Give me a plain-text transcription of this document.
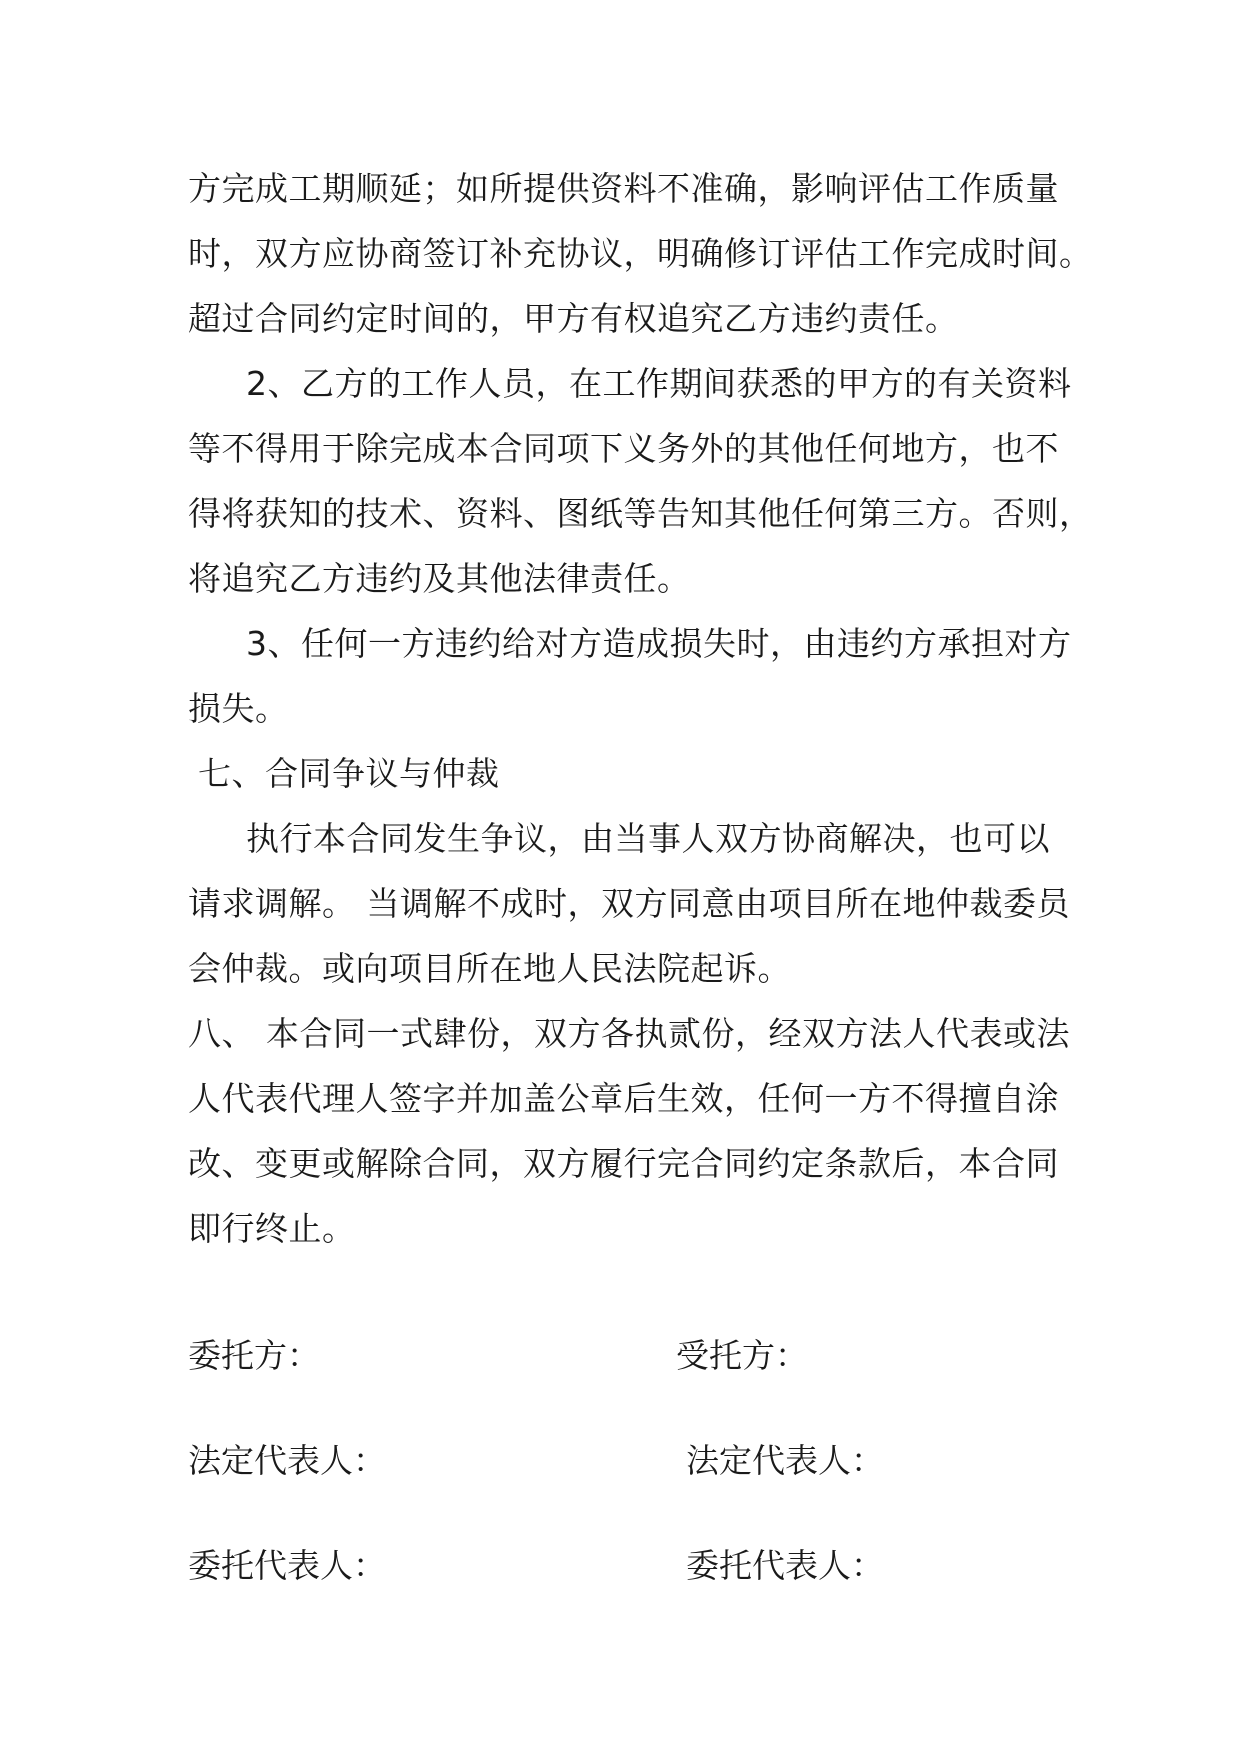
方完成工期顺延；如所提供资料不准确，影响评估工作质量
时，双方应协商签订补充协议，明确修订评估工作完成时间。
超过合同约定时间的，甲方有权追究乙方违约责任。
2、乙方的工作人员，在工作期间获悉的甲方的有关资料
等不得用于除完成本合同项下义务外的其他任何地方，也不
得将获知的技术、资料、图纸等告知其他任何第三方。否则，
将追究乙方违约及其他法律责任。
3、任何一方违约给对方造成损失时，由违约方承担对方
损失。
七、合同争议与仲裁
执行本合同发生争议，由当事人双方协商解决，也可以
请求调解。 当调解不成时，双方同意由项目所在地仲裁委员
会仲裁。或向项目所在地人民法院起诉。
八、 本合同一式肆份，双方各执贰份，经双方法人代表或法
人代表代理人签字并加盖公章后生效，任何一方不得擅自涂
改、变更或解除合同，双方履行完合同约定条款后，本合同
即行终止。
委托方：	受托方：
法定代表人：	法定代表人：
委托代表人：	委托代表人：
